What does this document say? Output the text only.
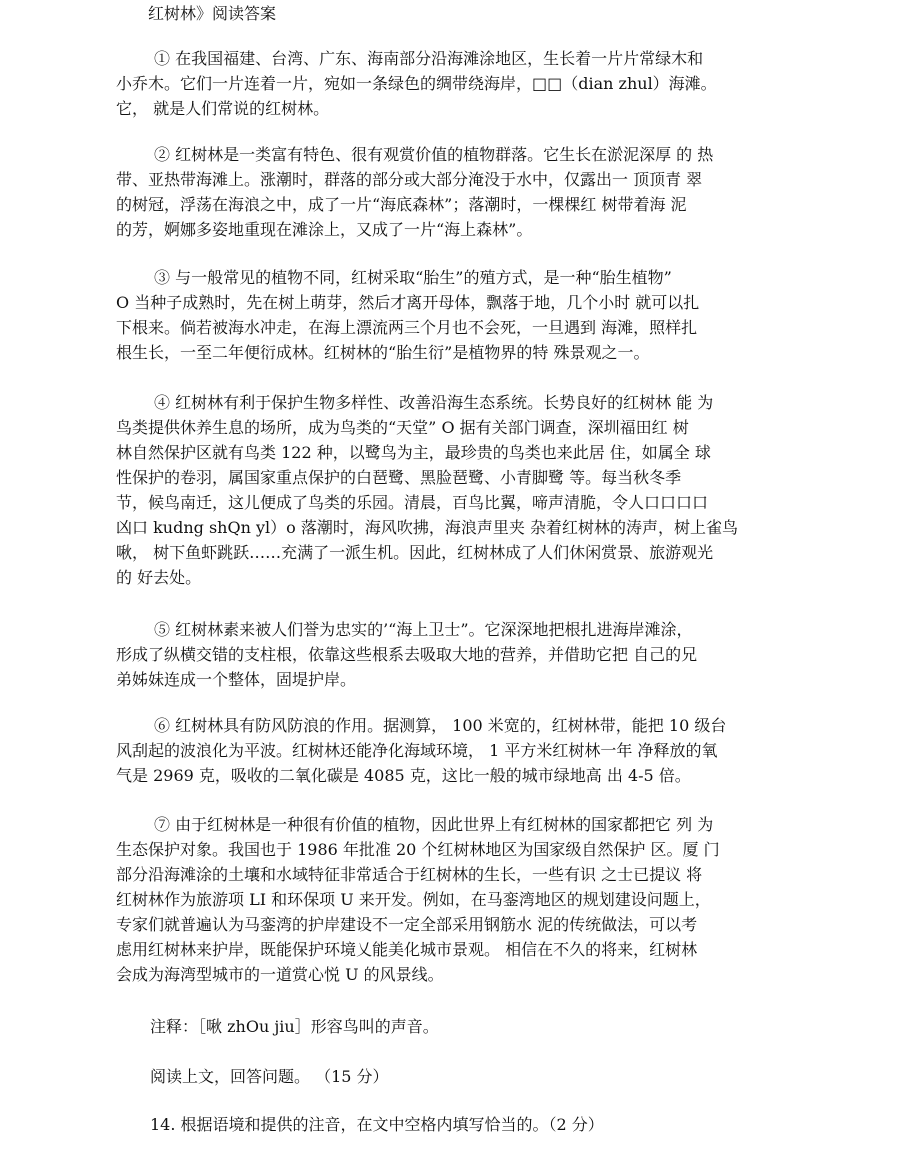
红树林》阅读答案
① 在我国福建、台湾、广东、海南部分沿海滩涂地区，生长着一片片常绿木和
小乔木。它们一片连着一片，宛如一条绿色的绸带绕海岸，□□（dian zhul）海滩。
它， 就是人们常说的红树林。
② 红树林是一类富有特色、很有观赏价值的植物群落。它生长在淤泥深厚 的 热
带、亚热带海滩上。涨潮时，群落的部分或大部分淹没于水中，仅露出一 顶顶青 翠
的树冠，浮荡在海浪之中，成了一片“海底森林”；落潮时，一棵棵红 树带着海 泥
的芳，婀娜多姿地重现在滩涂上，又成了一片“海上森林”。
③ 与一般常见的植物不同，红树采取“胎生”的殖方式，是一种“胎生植物”
O 当种子成熟时，先在树上萌芽，然后才离开母体，飘落于地，几个小时 就可以扎
下根来。倘若被海水冲走，在海上漂流两三个月也不会死，一旦遇到 海滩，照样扎
根生长，一至二年便衍成林。红树林的“胎生衍”是植物界的特 殊景观之一。
④ 红树林有利于保护生物多样性、改善沿海生态系统。长势良好的红树林 能 为
鸟类提供休养生息的场所，成为鸟类的“天堂” O 据有关部门调查，深圳福田红 树
林自然保护区就有鸟类 122 种，以鹭鸟为主，最珍贵的鸟类也来此居 住，如属全 球
性保护的卷羽，属国家重点保护的白琶鹭、黑脸琶鹭、小青脚鹭 等。每当秋冬季
节，候鸟南迁，这儿便成了鸟类的乐园。清晨，百鸟比翼，啼声清脆，令人口口口口
凶口 kudng shQn yl）o 落潮时，海风吹拂，海浪声里夹 杂着红树林的涛声，树上雀鸟
啾， 树下鱼虾跳跃……充满了一派生机。因此，红树林成了人们休闲赏景、旅游观光
的 好去处。
⑤ 红树林素来被人们誉为忠实的’“海上卫士”。它深深地把根扎进海岸滩涂，
形成了纵横交错的支柱根，依靠这些根系去吸取大地的营养，并借助它把 自己的兄
弟姊妹连成一个整体，固堤护岸。
⑥ 红树林具有防风防浪的作用。据测算， 100 米宽的，红树林带，能把 10 级台
风刮起的波浪化为平波。红树林还能净化海域环境， 1 平方米红树林一年 净释放的氧
气是 2969 克，吸收的二氧化碳是 4085 克，这比一般的城市绿地高 出 4-5 倍。
⑦ 由于红树林是一种很有价值的植物，因此世界上有红树林的国家都把它 列 为
生态保护对象。我国也于 1986 年批准 20 个红树林地区为国家级自然保护 区。厦 门
部分沿海滩涂的土壤和水域特征非常适合于红树林的生长，一些有识 之士已提议 将
红树林作为旅游项 LI 和环保项 U 来开发。例如，在马銮湾地区的规划建设问题上，
专家们就普遍认为马銮湾的护岸建设不一定全部采用钢筋水 泥的传统做法，可以考
虑用红树林来护岸，既能保护环境乂能美化城市景观。 相信在不久的将来，红树林
会成为海湾型城市的一道赏心悦 U 的风景线。
注释：［啾 zhOu jiu］形容鸟叫的声音。
阅读上文，回答问题。 （15 分）
14. 根据语境和提供的注音，在文中空格内填写恰当的。（2 分）
